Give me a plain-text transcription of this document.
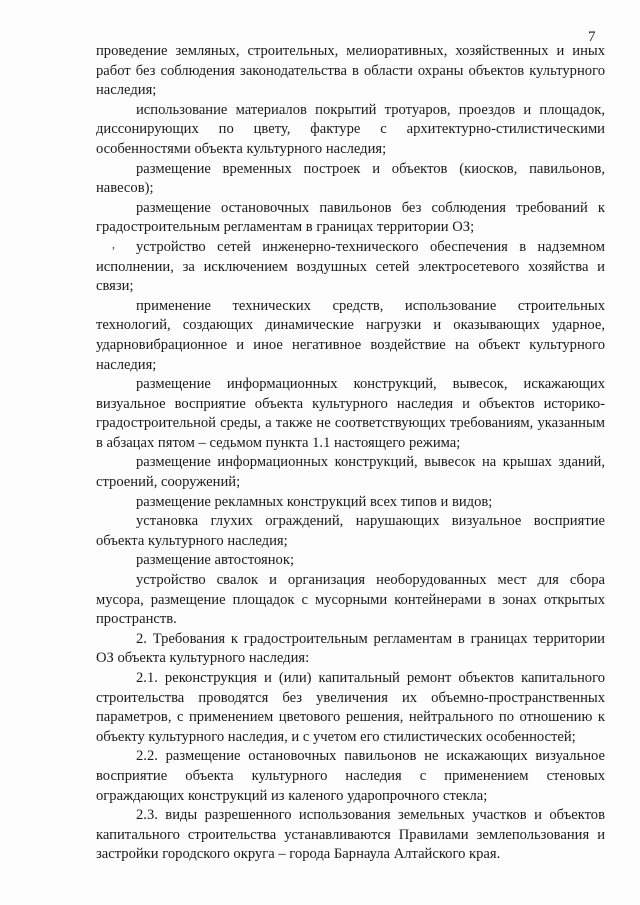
7
,

проведение земляных, строительных, мелиоративных, хозяйственных и иных работ без соблюдения законодательства в области охраны объектов культурного наследия;

использование материалов покрытий тротуаров, проездов и площадок, диссонирующих по цвету, фактуре с архитектурно-стилистическими особенностями объекта культурного наследия;

размещение временных построек и объектов (киосков, павильонов, навесов);

размещение остановочных павильонов без соблюдения требований к градостроительным регламентам в границах территории ОЗ;

устройство сетей инженерно-технического обеспечения в надземном исполнении, за исключением воздушных сетей электросетевого хозяйства и связи;

применение технических средств, использование строительных технологий, создающих динамические нагрузки и оказывающих ударное, ударновибрационное и иное негативное воздействие на объект культурного наследия;

размещение информационных конструкций, вывесок, искажающих визуальное восприятие объекта культурного наследия и объектов историко-градостроительной среды, а также не соответствующих требованиям, указанным в абзацах пятом – седьмом пункта 1.1 настоящего режима;

размещение информационных конструкций, вывесок на крышах зданий, строений, сооружений;

размещение рекламных конструкций всех типов и видов;

установка глухих ограждений, нарушающих визуальное восприятие объекта культурного наследия;

размещение автостоянок;

устройство свалок и организация необорудованных мест для сбора мусора, размещение площадок с мусорными контейнерами в зонах открытых пространств.

2. Требования к градостроительным регламентам в границах территории ОЗ объекта культурного наследия:

2.1. реконструкция и (или) капитальный ремонт объектов капитального строительства проводятся без увеличения их объемно-пространственных параметров, с применением цветового решения, нейтрального по отношению к объекту культурного наследия, и с учетом его стилистических особенностей;

2.2. размещение остановочных павильонов не искажающих визуальное восприятие объекта культурного наследия с применением стеновых ограждающих конструкций из каленого ударопрочного стекла;

2.3. виды разрешенного использования земельных участков и объектов капитального строительства устанавливаются Правилами землепользования и застройки городского округа – города Барнаула Алтайского края.
